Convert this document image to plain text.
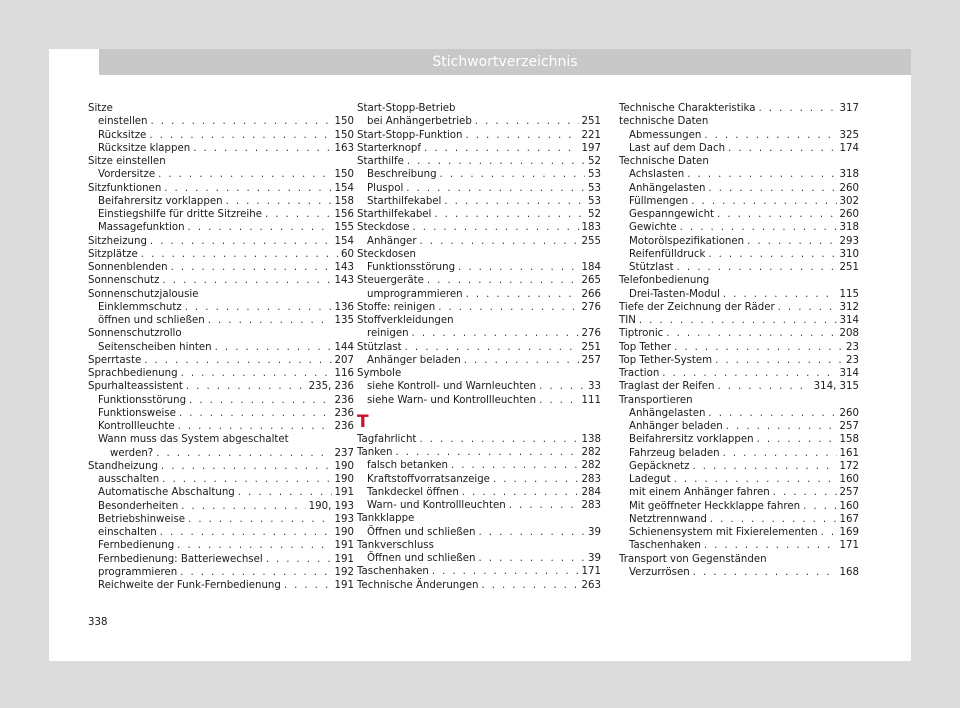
Stichwortverzeichnis
Sitze
einstellen . . .	150
Rücksitze . . .	150
Rücksitze klappen . . .	163
Sitze einstellen
Vordersitze . . .	150
Sitzfunktionen . . .	154
Beifahrersitz vorklappen . . .	158
Einstiegshilfe für dritte Sitzreihe . . .	156
Massagefunktion . . .	155
Sitzheizung . . .	154
Sitzplätze . . .	60
Sonnenblenden . . .	143
Sonnenschutz . . .	143
Sonnenschutzjalousie
Einklemmschutz . . .	136
öffnen und schließen . . .	135
Sonnenschutzrollo
Seitenscheiben hinten . . .	144
Sperrtaste . . .	207
Sprachbedienung . . .	116
Spurhalteassistent . . .	235, 236
Funktionsstörung . . .	236
Funktionsweise . . .	236
Kontrollleuchte . . .	236
Wann muss das System abgeschaltet
werden? . . .	237
Standheizung . . .	190
ausschalten . . .	190
Automatische Abschaltung . . .	191
Besonderheiten . . .	190, 193
Betriebshinweise . . .	193
einschalten . . .	190
Fernbedienung . . .	191
Fernbedienung: Batteriewechsel . . .	191
programmieren . . .	192
Reichweite der Funk-Fernbedienung . . .	191
Start-Stopp-Betrieb
bei Anhängerbetrieb . . .	251
Start-Stopp-Funktion . . .	221
Starterknopf . . .	197
Starthilfe . . .	52
Beschreibung . . .	53
Pluspol . . .	53
Starthilfekabel . . .	53
Starthilfekabel . . .	52
Steckdose . . .	183
Anhänger . . .	255
Steckdosen
Funktionsstörung . . .	184
Steuergeräte . . .	265
umprogrammieren . . .	266
Stoffe: reinigen . . .	276
Stoffverkleidungen
reinigen . . .	276
Stützlast . . .	251
Anhänger beladen . . .	257
Symbole
siehe Kontroll- und Warnleuchten . . .	33
siehe Warn- und Kontrollleuchten . . .	111
T
Tagfahrlicht . . .	138
Tanken . . .	282
falsch betanken . . .	282
Kraftstoffvorratsanzeige . . .	283
Tankdeckel öffnen . . .	284
Warn- und Kontrollleuchten . . .	283
Tankklappe
Öffnen und schließen . . .	39
Tankverschluss
Öffnen und schließen . . .	39
Taschenhaken . . .	171
Technische Änderungen . . .	263
Technische Charakteristika . . .	317
technische Daten
Abmessungen . . .	325
Last auf dem Dach . . .	174
Technische Daten
Achslasten . . .	318
Anhängelasten . . .	260
Füllmengen . . .	302
Gespanngewicht . . .	260
Gewichte . . .	318
Motorölspezifikationen . . .	293
Reifenfülldruck . . .	310
Stützlast . . .	251
Telefonbedienung
Drei-Tasten-Modul . . .	115
Tiefe der Zeichnung der Räder . . .	312
TIN . . .	314
Tiptronic . . .	208
Top Tether . . .	23
Top Tether-System . . .	23
Traction . . .	314
Traglast der Reifen . . .	314, 315
Transportieren
Anhängelasten . . .	260
Anhänger beladen . . .	257
Beifahrersitz vorklappen . . .	158
Fahrzeug beladen . . .	161
Gepäcknetz . . .	172
Ladegut . . .	160
mit einem Anhänger fahren . . .	257
Mit geöffneter Heckklappe fahren . . .	160
Netztrennwand . . .	167
Schienensystem mit Fixierelementen . . . 169
Taschenhaken . . .	171
Transport von Gegenständen
Verzurrösen . . .	168
338
